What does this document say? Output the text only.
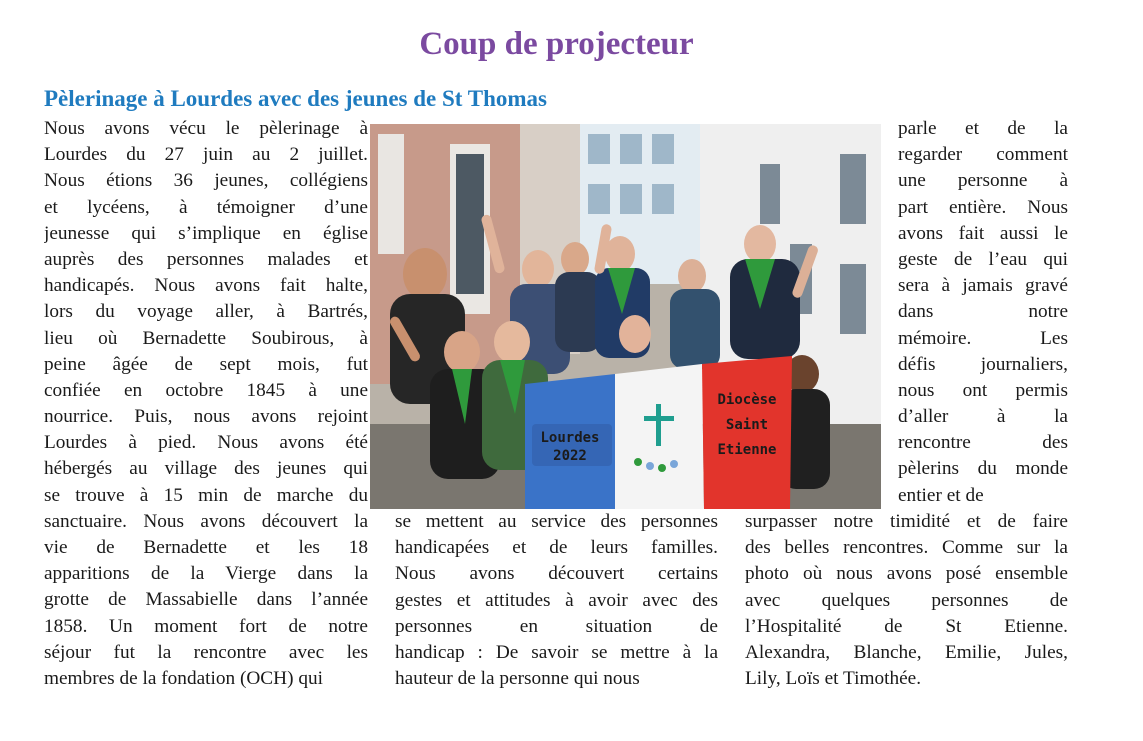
Coup de projecteur
Pèlerinage à Lourdes avec des jeunes de St Thomas
Nous avons vécu le pèlerinage à
Lourdes du 27 juin au 2 juillet.
Nous étions 36 jeunes, collégiens
et lycéens, à témoigner d’une
jeunesse qui s’implique en église
auprès des personnes malades et
handicapés. Nous avons fait halte,
lors du voyage aller, à Bartrés,
lieu où Bernadette Soubirous, à
peine âgée de sept mois, fut
confiée en octobre 1845 à une
nourrice. Puis, nous avons rejoint
Lourdes à pied. Nous avons été
hébergés au village des jeunes qui
se trouve à 15 min de marche du
sanctuaire. Nous avons découvert la
vie de Bernadette et les 18
apparitions de la Vierge dans la
grotte de Massabielle dans l’année
1858. Un moment fort de notre
séjour fut la rencontre avec les
membres de la fondation (OCH) qui
Lourdes
2022
Diocèse
Saint
Etienne
parle et de la
regarder comment
une personne à
part entière. Nous
avons fait aussi le
geste de l’eau qui
sera à jamais gravé
dans notre
mémoire. Les
défis journaliers,
nous ont permis
d’aller à la
rencontre des
pèlerins du monde
entier et de
se mettent au service des personnes
handicapées et de leurs familles.
Nous avons découvert certains
gestes et attitudes à avoir avec des
personnes en situation de
handicap : De savoir se mettre à la
hauteur de la personne qui nous
surpasser notre timidité et de faire
des belles rencontres. Comme sur la
photo où nous avons posé ensemble
avec quelques personnes de
l’Hospitalité de St Etienne.
Alexandra, Blanche, Emilie, Jules,
Lily, Loïs et Timothée.
